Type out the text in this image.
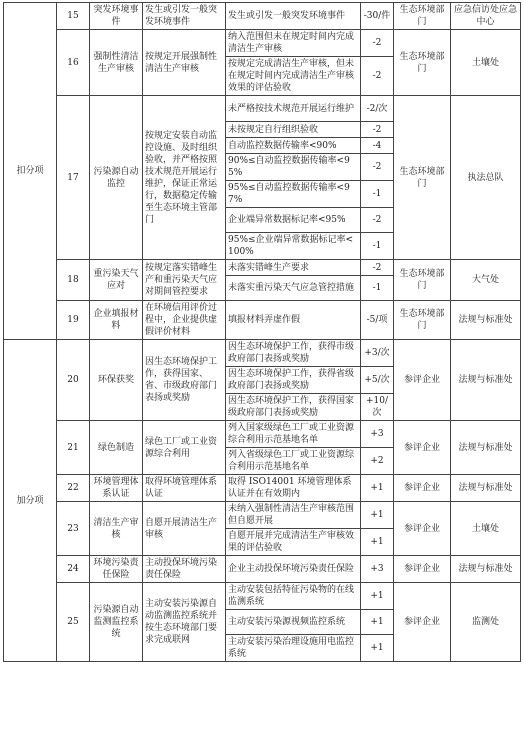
扣分项	15	突发环境事件	发生或引发一般突发环境事件	发生或引发一般突发环境事件	-30/件	生态环境部门	应急信访处应急中心
	16	强制性清洁生产审核	按规定开展强制性清洁生产审核	纳入范围但未在规定时间内完成清洁生产审核	-2	生态环境部门	土壤处
				按规定完成清洁生产审核，但未在规定时间内完成清洁生产审核效果的评估验收	-2		
	17	污染源自动监控	按规定安装自动监控设施、及时组织验收，并严格按照技术规范开展运行维护，保证正常运行，数据稳定传输至生态环境主管部门	未严格按技术规范开展运行维护	-2/次	生态环境部门	执法总队
				未按规定自行组织验收	-2		
				自动监控数据传输率<90%	-4		
				90%≤自动监控数据传输率<95%	-2		
				95%≤自动监控数据传输率<97%	-1		
				企业端异常数据标记率<95%	-2		
				95%≤企业端异常数据标记率<100%	-1		
	18	重污染天气应对	按规定落实错峰生产和重污染天气应对期间管控要求	未落实错峰生产要求	-2	生态环境部门	大气处
				未落实重污染天气应急管控措施	-1		
	19	企业填报材料	在环境信用评价过程中，企业提供虚假评价材料	填报材料弄虚作假	-5/项	生态环境部门	法规与标准处
加分项	20	环保获奖	因生态环境保护工作，获得国家、省、市级政府部门表扬或奖励	因生态环境保护工作，获得市级政府部门表扬或奖励	+3/次	参评企业	法规与标准处
				因生态环境保护工作，获得省级政府部门表扬或奖励	+5/次		
				因生态环境保护工作，获得国家级政府部门表扬或奖励	+10/次		
	21	绿色制造	绿色工厂或工业资源综合利用	列入国家级绿色工厂或工业资源综合利用示范基地名单	+3	参评企业	法规与标准处
				列入省级绿色工厂或工业资源综合利用示范基地名单	+2		
	22	环境管理体系认证	取得环境管理体系认证	取得 ISO14001 环境管理体系认证并在有效期内	+1	参评企业	法规与标准处
	23	清洁生产审核	自愿开展清洁生产审核	未纳入强制性清洁生产审核范围但自愿开展	+1	参评企业	土壤处
				自愿开展并完成清洁生产审核效果的评估验收	+1		
	24	环境污染责任保险	主动投保环境污染责任保险	企业主动投保环境污染责任保险	+3	参评企业	法规与标准处
	25	污染源自动监测监控系统	主动安装污染源自动监测监控系统并按生态环境部门要求完成联网	主动安装包括特征污染物的在线监测系统	+1	参评企业	监测处
				主动安装污染源视频监控系统	+1		
				主动安装污染治理设施用电监控系统	+1		
